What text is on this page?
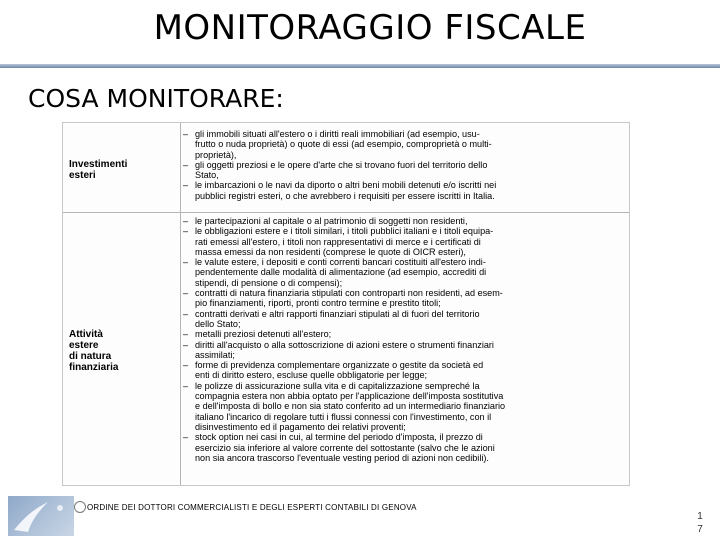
MONITORAGGIO FISCALE
COSA MONITORARE:
Investimenti
esteri
– gli immobili situati all'estero o i diritti reali immobiliari (ad esempio, usu-
frutto o nuda proprietà) o quote di essi (ad esempio, comproprietà o multi-
proprietà),
– gli oggetti preziosi e le opere d'arte che si trovano fuori del territorio dello
Stato,
– le imbarcazioni o le navi da diporto o altri beni mobili detenuti e/o iscritti nei
pubblici registri esteri, o che avrebbero i requisiti per essere iscritti in Italia.
Attività
estere
di natura
finanziaria
– le partecipazioni al capitale o al patrimonio di soggetti non residenti,
– le obbligazioni estere e i titoli similari, i titoli pubblici italiani e i titoli equipa-
rati emessi all'estero, i titoli non rappresentativi di merce e i certificati di
massa emessi da non residenti (comprese le quote di OICR esteri),
– le valute estere, i depositi e conti correnti bancari costituiti all'estero indi-
pendentemente dalle modalità di alimentazione (ad esempio, accrediti di
stipendi, di pensione o di compensi);
– contratti di natura finanziaria stipulati con controparti non residenti, ad esem-
pio finanziamenti, riporti, pronti contro termine e prestito titoli;
– contratti derivati e altri rapporti finanziari stipulati al di fuori del territorio
dello Stato;
– metalli preziosi detenuti all'estero;
– diritti all'acquisto o alla sottoscrizione di azioni estere o strumenti finanziari
assimilati;
– forme di previdenza complementare organizzate o gestite da società ed
enti di diritto estero, escluse quelle obbligatorie per legge;
– le polizze di assicurazione sulla vita e di capitalizzazione sempreché la
compagnia estera non abbia optato per l'applicazione dell'imposta sostitutiva
e dell'imposta di bollo e non sia stato conferito ad un intermediario finanziario
italiano l'incarico di regolare tutti i flussi connessi con l'investimento, con il
disinvestimento ed il pagamento dei relativi proventi;
– stock option nei casi in cui, al termine del periodo d'imposta, il prezzo di
esercizio sia inferiore al valore corrente del sottostante (salvo che le azioni
non sia ancora trascorso l'eventuale vesting period di azioni non cedibili).
ORDINE DEI DOTTORI COMMERCIALISTI E DEGLI ESPERTI CONTABILI DI GENOVA
1
7
